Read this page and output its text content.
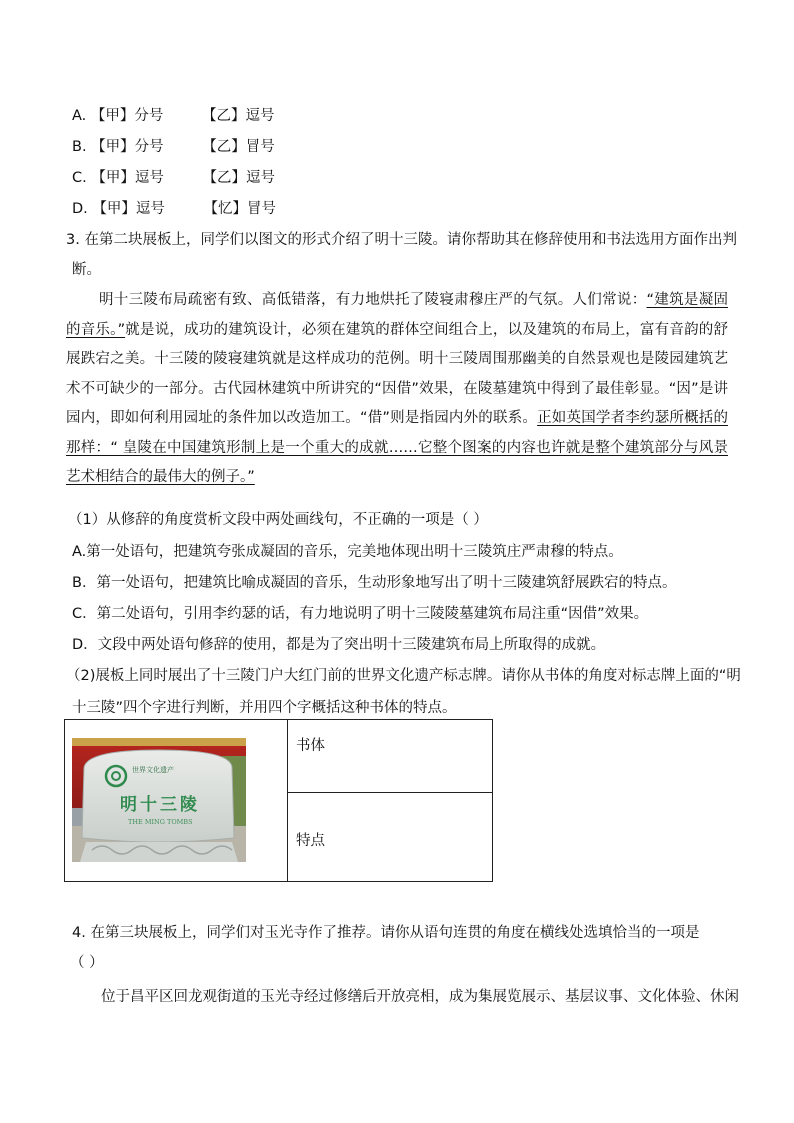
A. 【甲】分号	【乙】逗号
B. 【甲】分号	【乙】冒号
C. 【甲】逗号	【乙】逗号
D. 【甲】逗号	【忆】冒号
3. 在第二块展板上，同学们以图文的形式介绍了明十三陵。请你帮助其在修辞使用和书法选用方面作出判
断。
明十三陵布局疏密有致、高低错落，有力地烘托了陵寝肃穆庄严的气氛。人们常说：“建筑是凝固的音乐。”就是说，成功的建筑设计，必须在建筑的群体空间组合上，以及建筑的布局上，富有音韵的舒展跌宕之美。十三陵的陵寝建筑就是这样成功的范例。明十三陵周围那幽美的自然景观也是陵园建筑艺术不可缺少的一部分。古代园林建筑中所讲究的“因借”效果，在陵墓建筑中得到了最佳彰显。“因”是讲园内，即如何利用园址的条件加以改造加工。“借”则是指园内外的联系。正如英国学者李约瑟所概括的那样：“ 皇陵在中国建筑形制上是一个重大的成就……它整个图案的内容也许就是整个建筑部分与风景艺术相结合的最伟大的例子。”
（1）从修辞的角度赏析文段中两处画线句，不正确的一项是（ ）
A.第一处语句，把建筑夸张成凝固的音乐，完美地体现出明十三陵筑庄严肃穆的特点。
B．第一处语句，把建筑比喻成凝固的音乐，生动形象地写出了明十三陵建筑舒展跌宕的特点。
C．第二处语句，引用李约瑟的话，有力地说明了明十三陵陵墓建筑布局注重“因借”效果。
D．文段中两处语句修辞的使用，都是为了突出明十三陵建筑布局上所取得的成就。
（2)展板上同时展出了十三陵门户大红门前的世界文化遗产标志牌。请你从书体的角度对标志牌上面的“明
十三陵”四个字进行判断，并用四个字概括这种书体的特点。
世界文化遗产
明十三陵
THE MING TOMBS
	书体
特点
4. 在第三块展板上，同学们对玉光寺作了推荐。请你从语句连贯的角度在横线处选填恰当的一项是
（ ）
位于昌平区回龙观街道的玉光寺经过修缮后开放亮相，成为集展览展示、基层议事、文化体验、休闲
